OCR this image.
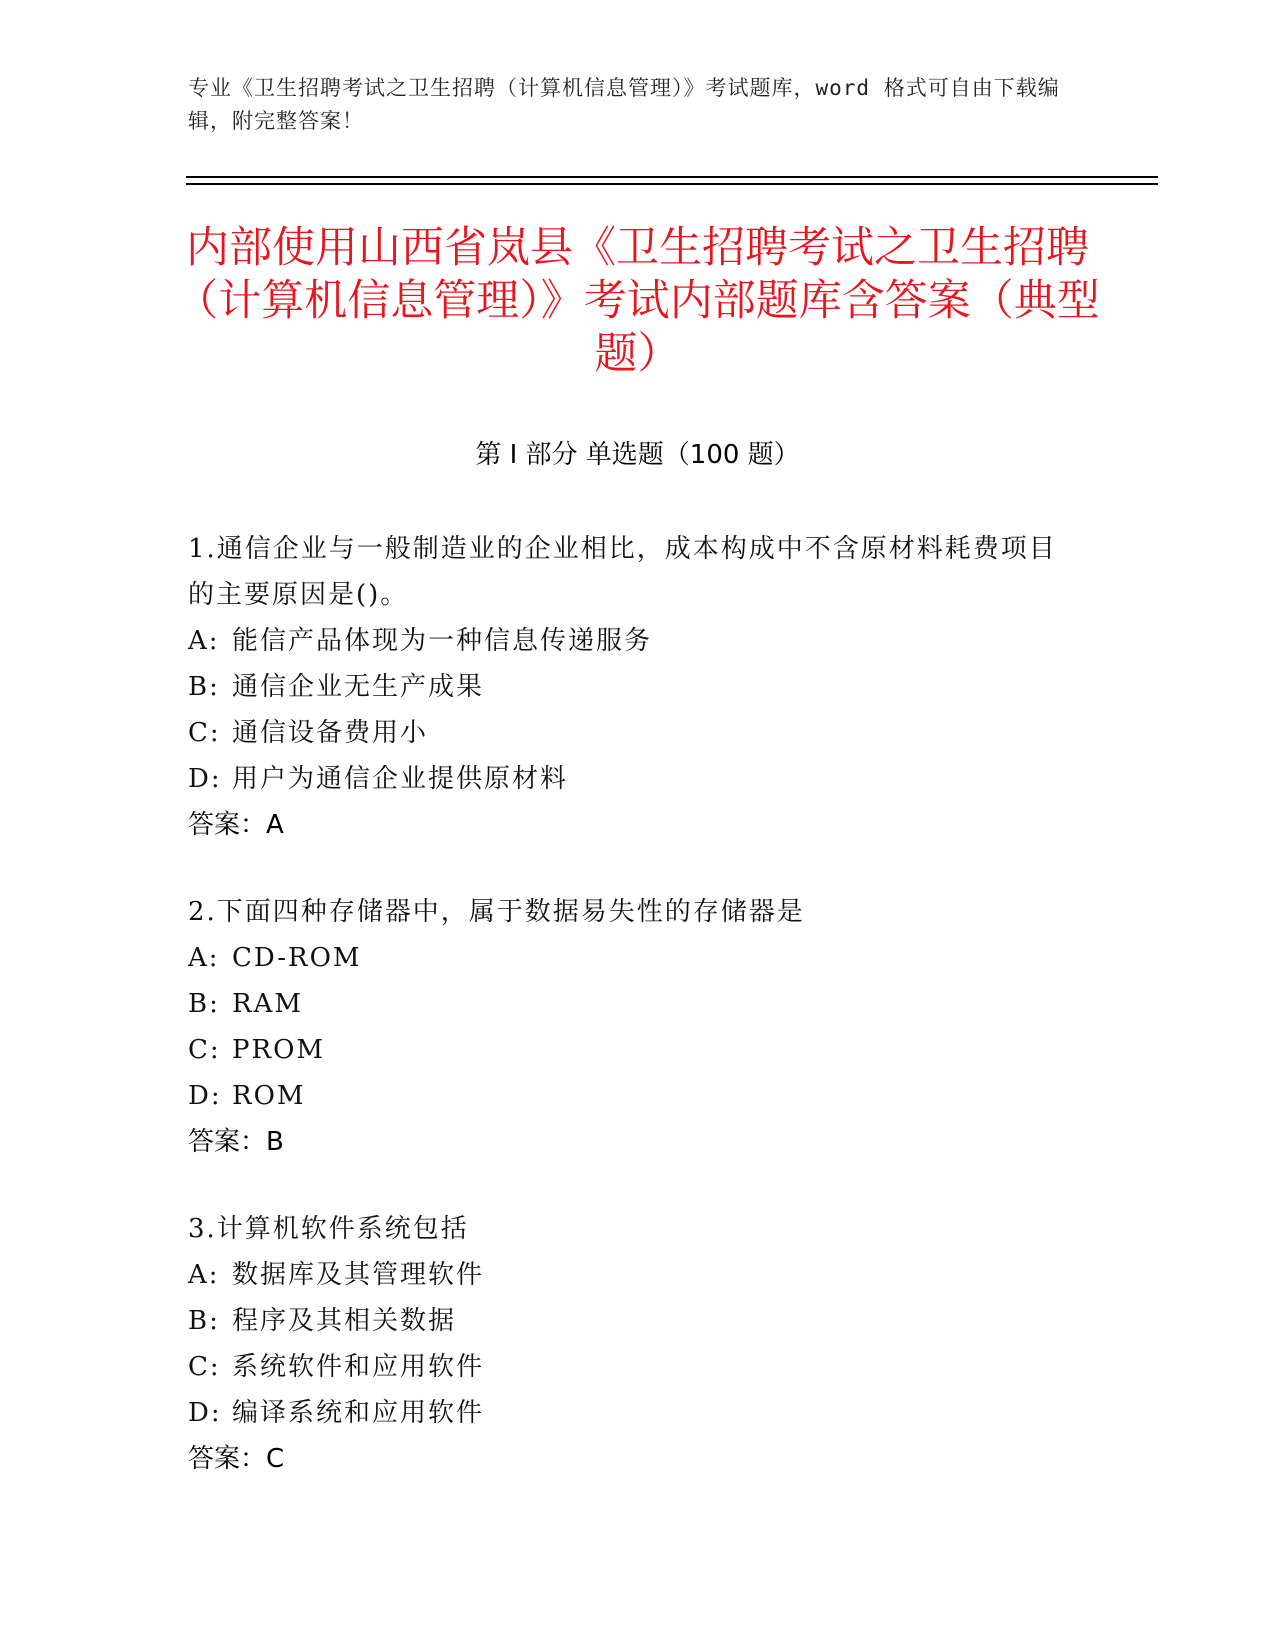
专业《卫生招聘考试之卫生招聘（计算机信息管理）》考试题库，word 格式可自由下载编辑，附完整答案！
内部使用山西省岚县《卫生招聘考试之卫生招聘（计算机信息管理）》考试内部题库含答案（典型题）
第 I 部分 单选题（100 题）
1.通信企业与一般制造业的企业相比，成本构成中不含原材料耗费项目的主要原因是()。
A: 能信产品体现为一种信息传递服务
B: 通信企业无生产成果
C: 通信设备费用小
D: 用户为通信企业提供原材料
答案：A
2.下面四种存储器中，属于数据易失性的存储器是
A: CD-ROM
B: RAM
C: PROM
D: ROM
答案：B
3.计算机软件系统包括
A: 数据库及其管理软件
B: 程序及其相关数据
C: 系统软件和应用软件
D: 编译系统和应用软件
答案：C
